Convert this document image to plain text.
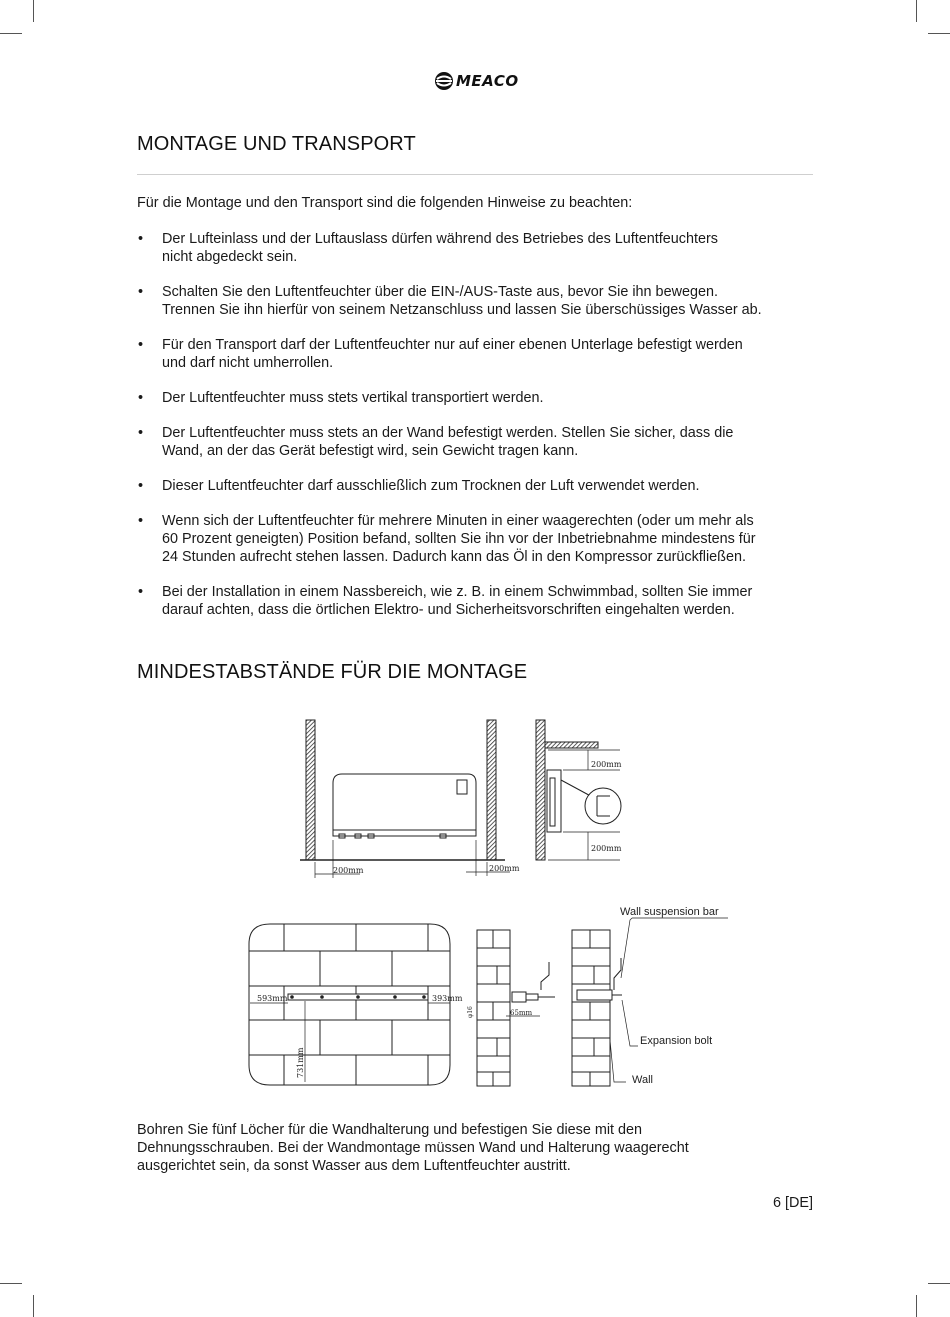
MEACO
MONTAGE UND TRANSPORT
Für die Montage und den Transport sind die folgenden Hinweise zu beachten:
• Der Lufteinlass und der Luftauslass dürfen während des Betriebes des Luftentfeuchters
nicht abgedeckt sein.
• Schalten Sie den Luftentfeuchter über die EIN-/AUS-Taste aus, bevor Sie ihn bewegen.
Trennen Sie ihn hierfür von seinem Netzanschluss und lassen Sie überschüssiges Wasser ab.
• Für den Transport darf der Luftentfeuchter nur auf einer ebenen Unterlage befestigt werden
und darf nicht umherrollen.
• Der Luftentfeuchter muss stets vertikal transportiert werden.
• Der Luftentfeuchter muss stets an der Wand befestigt werden. Stellen Sie sicher, dass die
Wand, an der das Gerät befestigt wird, sein Gewicht tragen kann.
• Dieser Luftentfeuchter darf ausschließlich zum Trocknen der Luft verwendet werden.
• Wenn sich der Luftentfeuchter für mehrere Minuten in einer waagerechten (oder um mehr als
60 Prozent geneigten) Position befand, sollten Sie ihn vor der Inbetriebnahme mindestens für
24 Stunden aufrecht stehen lassen. Dadurch kann das Öl in den Kompressor zurückfließen.
• Bei der Installation in einem Nassbereich, wie z. B. in einem Schwimmbad, sollten Sie immer
darauf achten, dass die örtlichen Elektro- und Sicherheitsvorschriften eingehalten werden.
MINDESTABSTÄNDE FÜR DIE MONTAGE
200mm	200mm
200mm
200mm
593mm	393mm
731mm
65mm
φ16
Wall suspension bar
Expansion bolt
Wall
Bohren Sie fünf Löcher für die Wandhalterung und befestigen Sie diese mit den
Dehnungsschrauben. Bei der Wandmontage müssen Wand und Halterung waagerecht
ausgerichtet sein, da sonst Wasser aus dem Luftentfeuchter austritt.
6 [DE]
